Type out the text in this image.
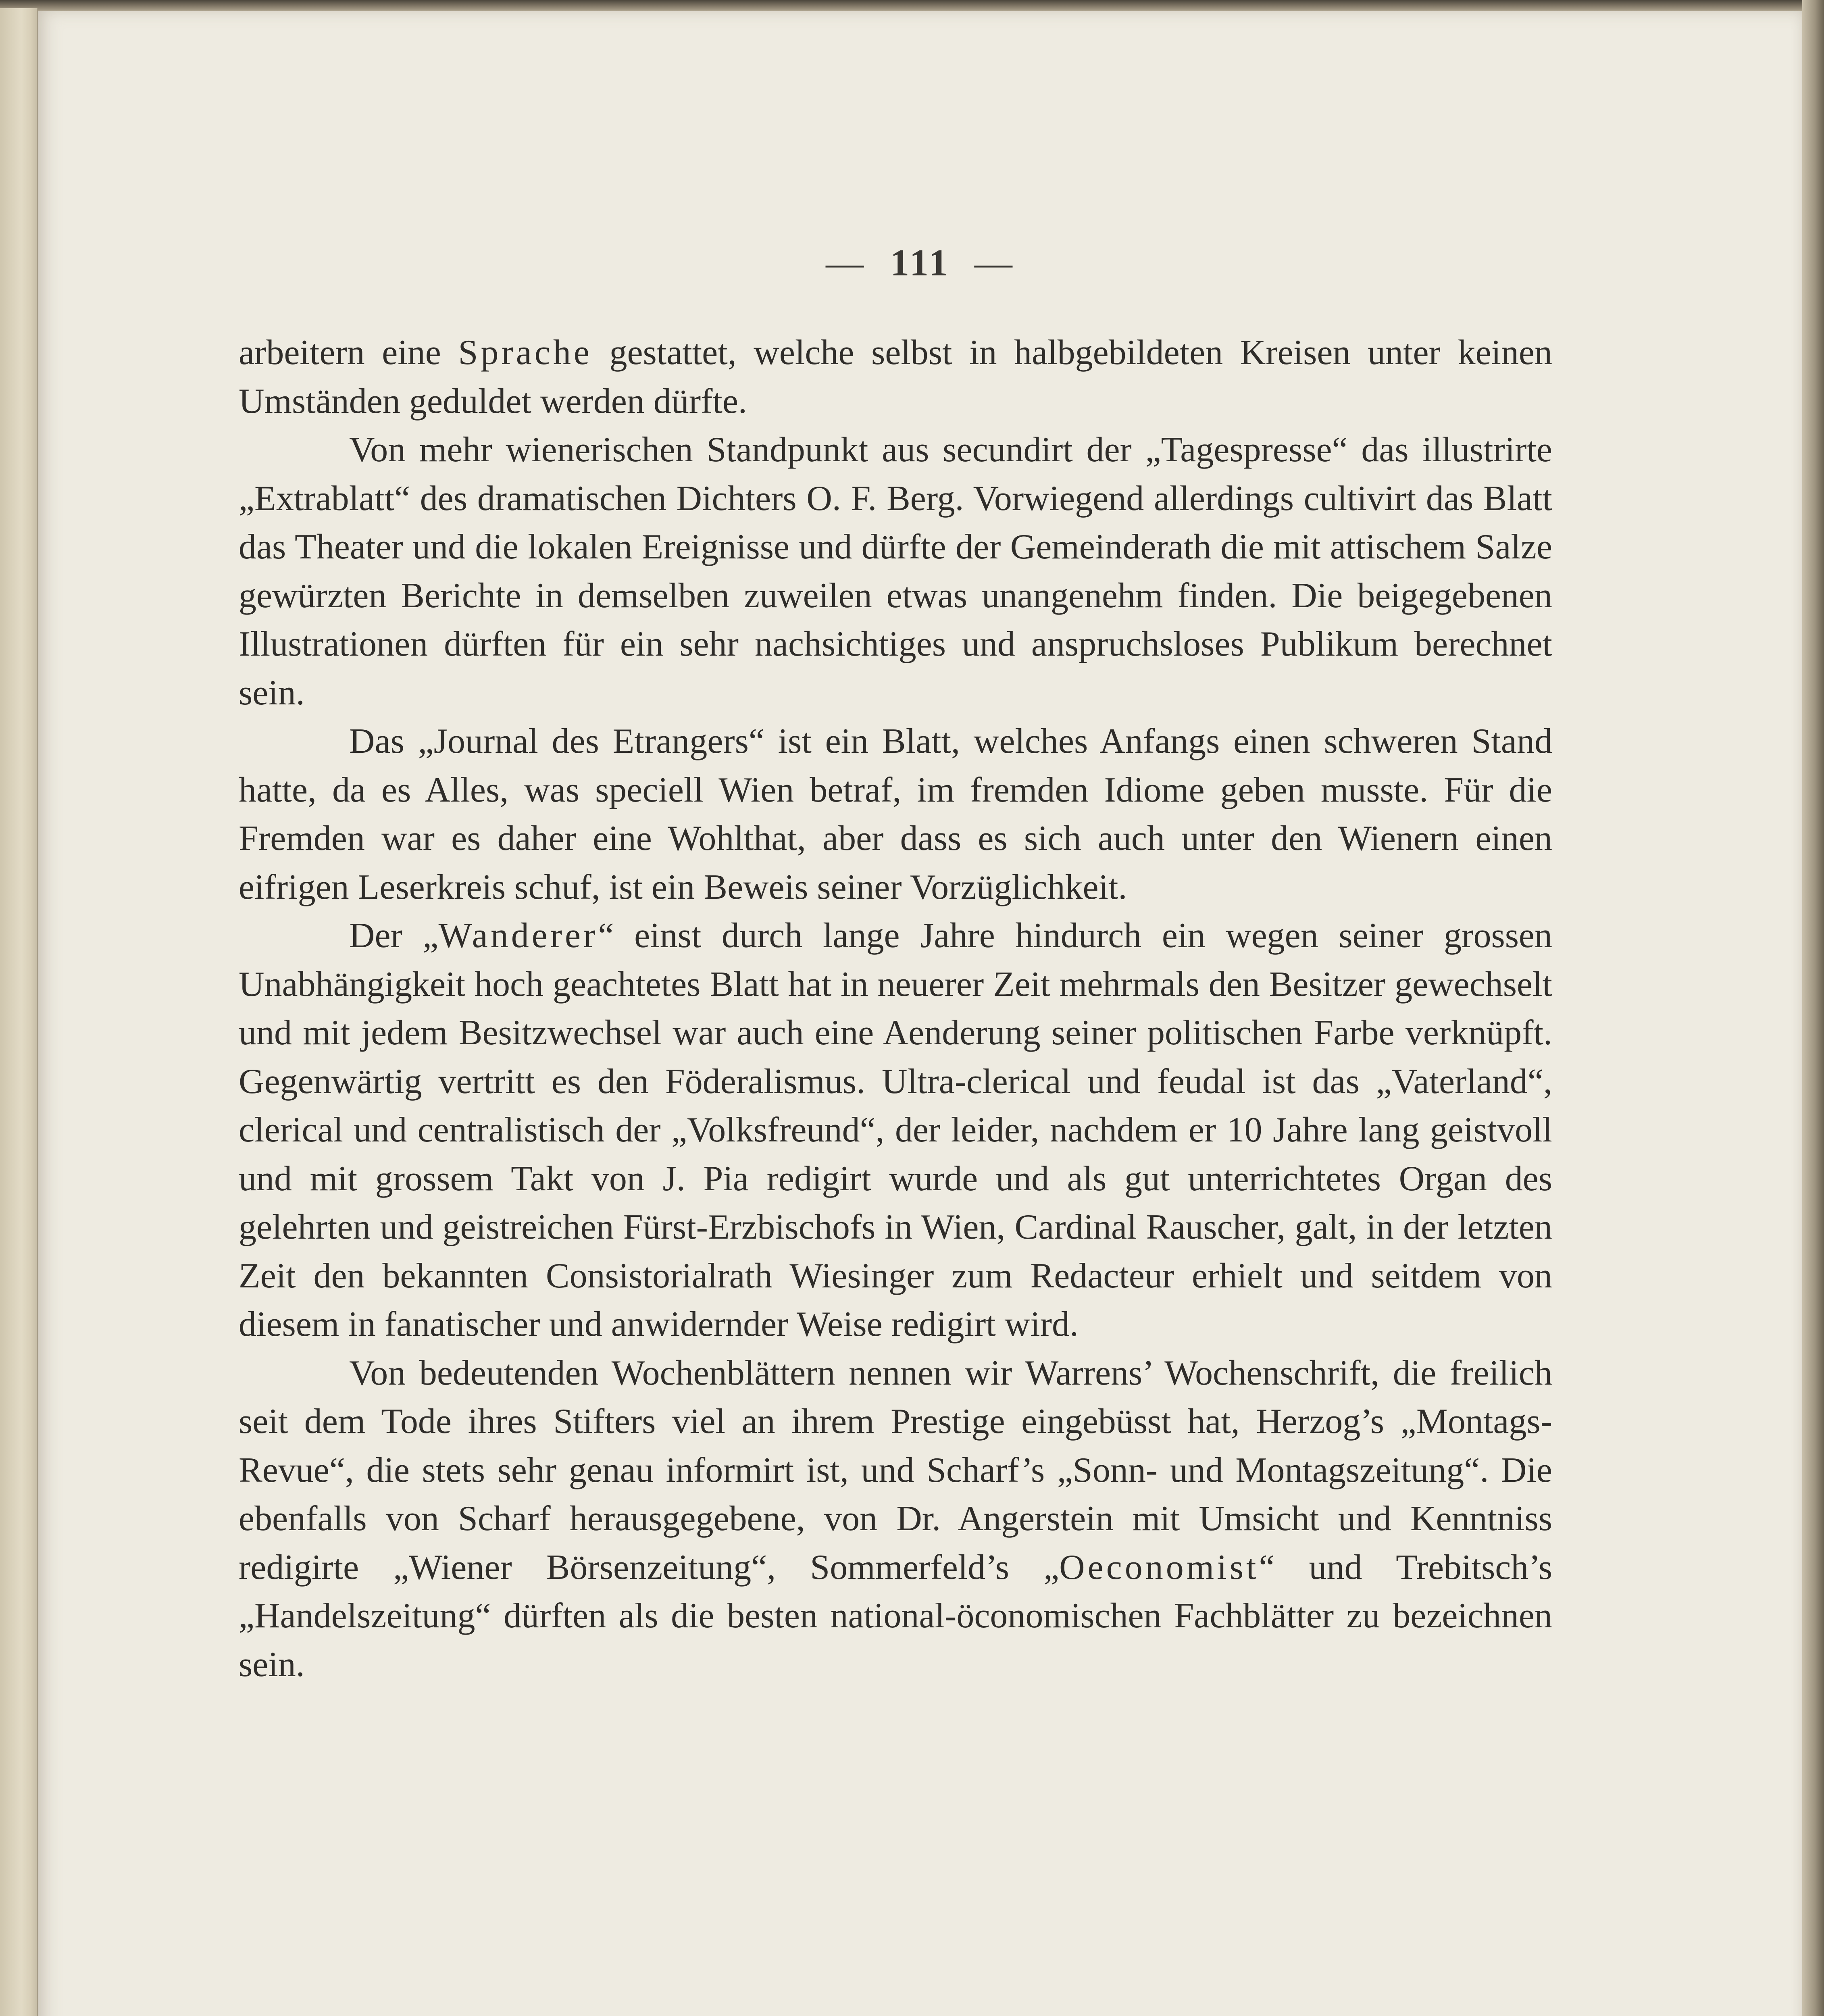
— 111 —

arbeitern eine Sprache gestattet, welche selbst in halbgebildeten Kreisen unter keinen Umständen geduldet werden dürfte.

Von mehr wienerischen Standpunkt aus secundirt der „Tagespresse“ das illustrirte „Extrablatt“ des dramatischen Dichters O. F. Berg. Vorwiegend allerdings cultivirt das Blatt das Theater und die lokalen Ereignisse und dürfte der Gemeinderath die mit attischem Salze gewürzten Berichte in demselben zuweilen etwas unangenehm finden. Die beigegebenen Illustrationen dürften für ein sehr nachsichtiges und anspruchsloses Publikum berechnet sein.

Das „Journal des Etrangers“ ist ein Blatt, welches Anfangs einen schweren Stand hatte, da es Alles, was speciell Wien betraf, im fremden Idiome geben musste. Für die Fremden war es daher eine Wohlthat, aber dass es sich auch unter den Wienern einen eifrigen Leserkreis schuf, ist ein Beweis seiner Vorzüglichkeit.

Der „Wanderer“ einst durch lange Jahre hindurch ein wegen seiner grossen Unabhängigkeit hoch geachtetes Blatt hat in neuerer Zeit mehrmals den Besitzer gewechselt und mit jedem Besitzwechsel war auch eine Aenderung seiner politischen Farbe verknüpft. Gegenwärtig vertritt es den Föderalismus. Ultra-clerical und feudal ist das „Vaterland“, clerical und centralistisch der „Volksfreund“, der leider, nachdem er 10 Jahre lang geistvoll und mit grossem Takt von J. Pia redigirt wurde und als gut unterrichtetes Organ des gelehrten und geistreichen Fürst-Erzbischofs in Wien, Cardinal Rauscher, galt, in der letzten Zeit den bekannten Consistorialrath Wiesinger zum Redacteur erhielt und seitdem von diesem in fanatischer und anwidernder Weise redigirt wird.

Von bedeutenden Wochenblättern nennen wir Warrens’ Wochenschrift, die freilich seit dem Tode ihres Stifters viel an ihrem Prestige eingebüsst hat, Herzog’s „Montags-Revue“, die stets sehr genau informirt ist, und Scharf’s „Sonn- und Montagszeitung“. Die ebenfalls von Scharf herausgegebene, von Dr. Angerstein mit Umsicht und Kenntniss redigirte „Wiener Börsenzeitung“, Sommerfeld’s „Oeconomist“ und Trebitsch’s „Handelszeitung“ dürften als die besten national-öconomischen Fachblätter zu bezeichnen sein.
